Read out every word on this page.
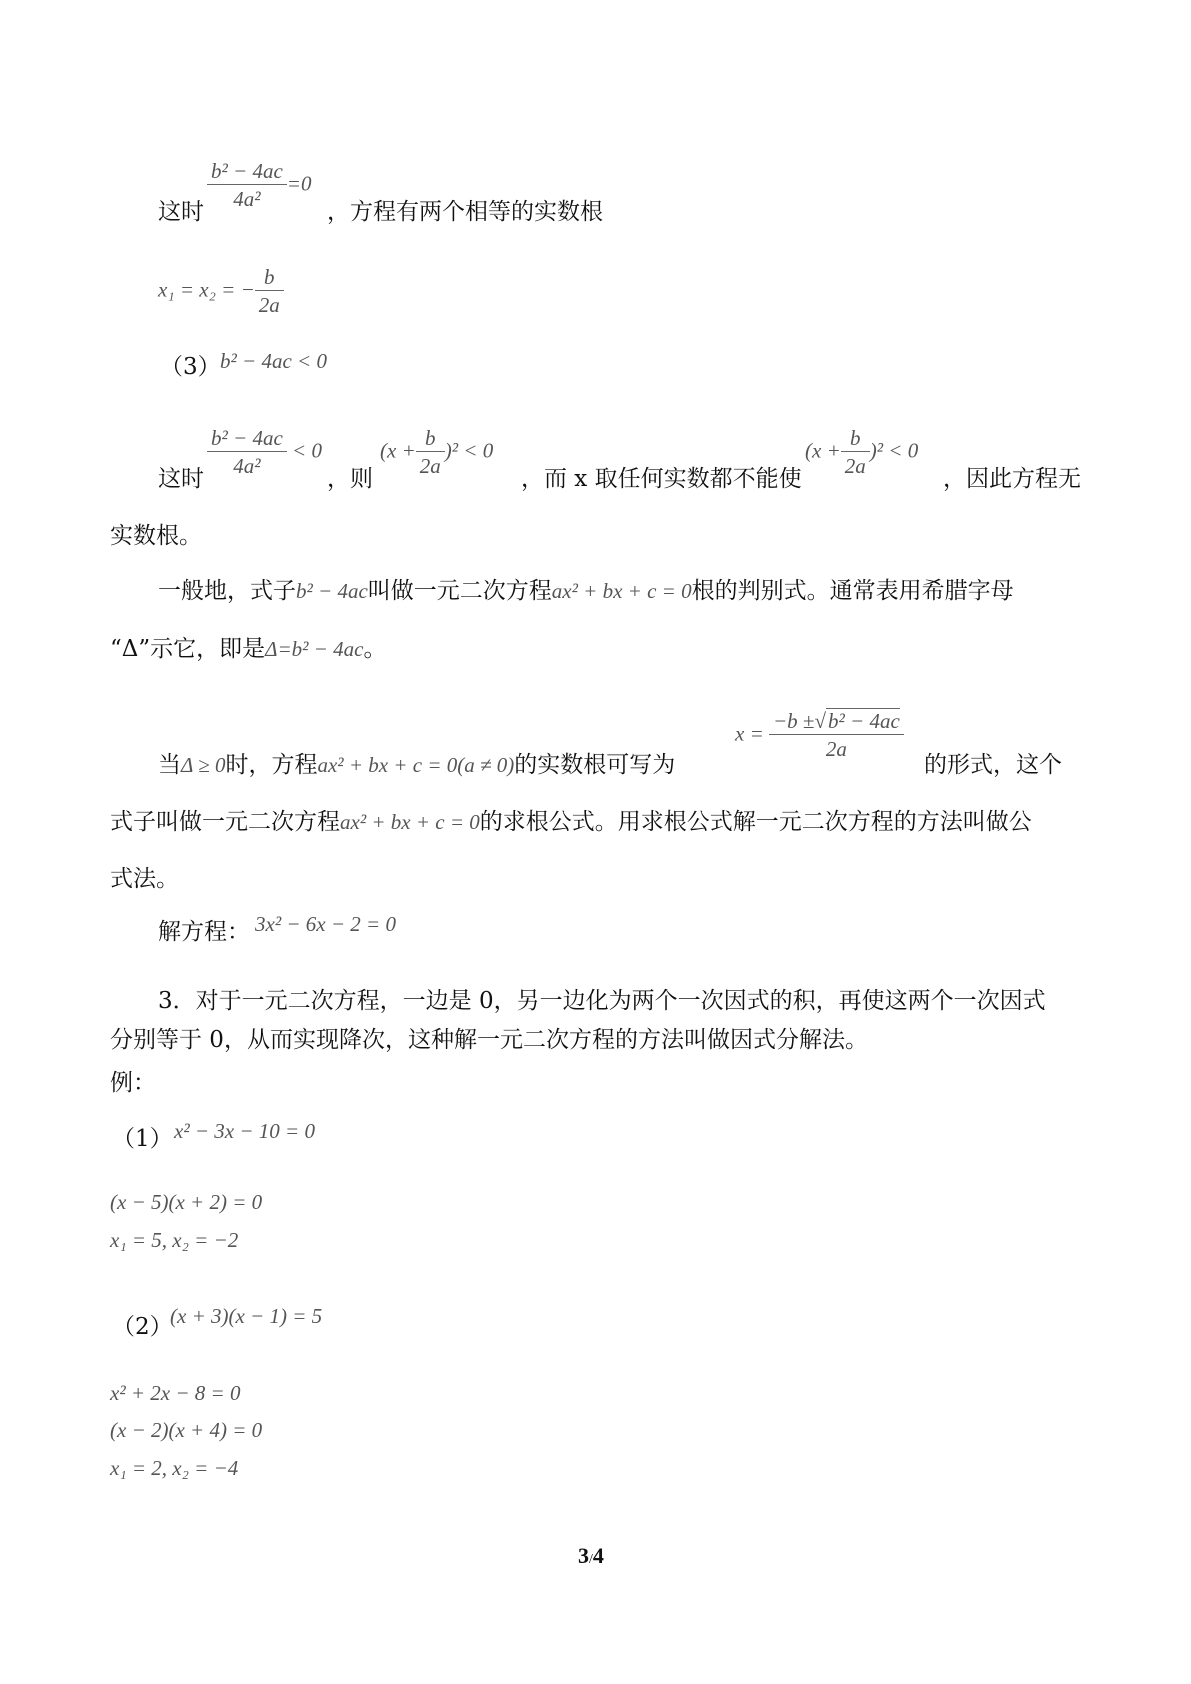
这时 $\frac{\text{b² − 4ac}}{\text{4a²}} =0$
，方程有两个相等的实数根
x₁ = x₂ = − $\frac{b}{2a}$
（3） b² − 4ac < 0
这时 $\frac{\text{b² − 4ac}}{\text{4a²}} < 0$
，则
$(x + \frac{b}{2a} )^2 < 0$
，而 x 取任何实数都不能使
$(x + \frac{b}{2a} )^2 < 0$
，因此方程无
实数根。
一般地，式子b² − 4ac叫做一元二次方程ax² + bx + c = 0根的判别式。通常表用希腊字母
“Δ”示它，即是Δ=b² − 4ac。
当Δ ≥ 0时，方程ax² + bx + c = 0(a ≠ 0)的实数根可写为
$x = \frac{\text{−b ±√b² − 4ac}}{2a}$
的形式，这个
式子叫做一元二次方程ax² + bx + c = 0的求根公式。用求根公式解一元二次方程的方法叫做公
式法。
解方程： 3x² − 6x − 2 = 0
3．对于一元二次方程，一边是 0，另一边化为两个一次因式的积，再使这两个一次因式
分别等于 0，从而实现降次，这种解一元二次方程的方法叫做因式分解法。
例：
（1） x² − 3x − 10 = 0
(x − 5)(x + 2) = 0
x₁ = 5, x₂ = −2
（2）
(x + 3)(x − 1) = 5
x² + 2x − 8 = 0
(x − 2)(x + 4) = 0
x₁ = 2, x₂ = −4
3/4
